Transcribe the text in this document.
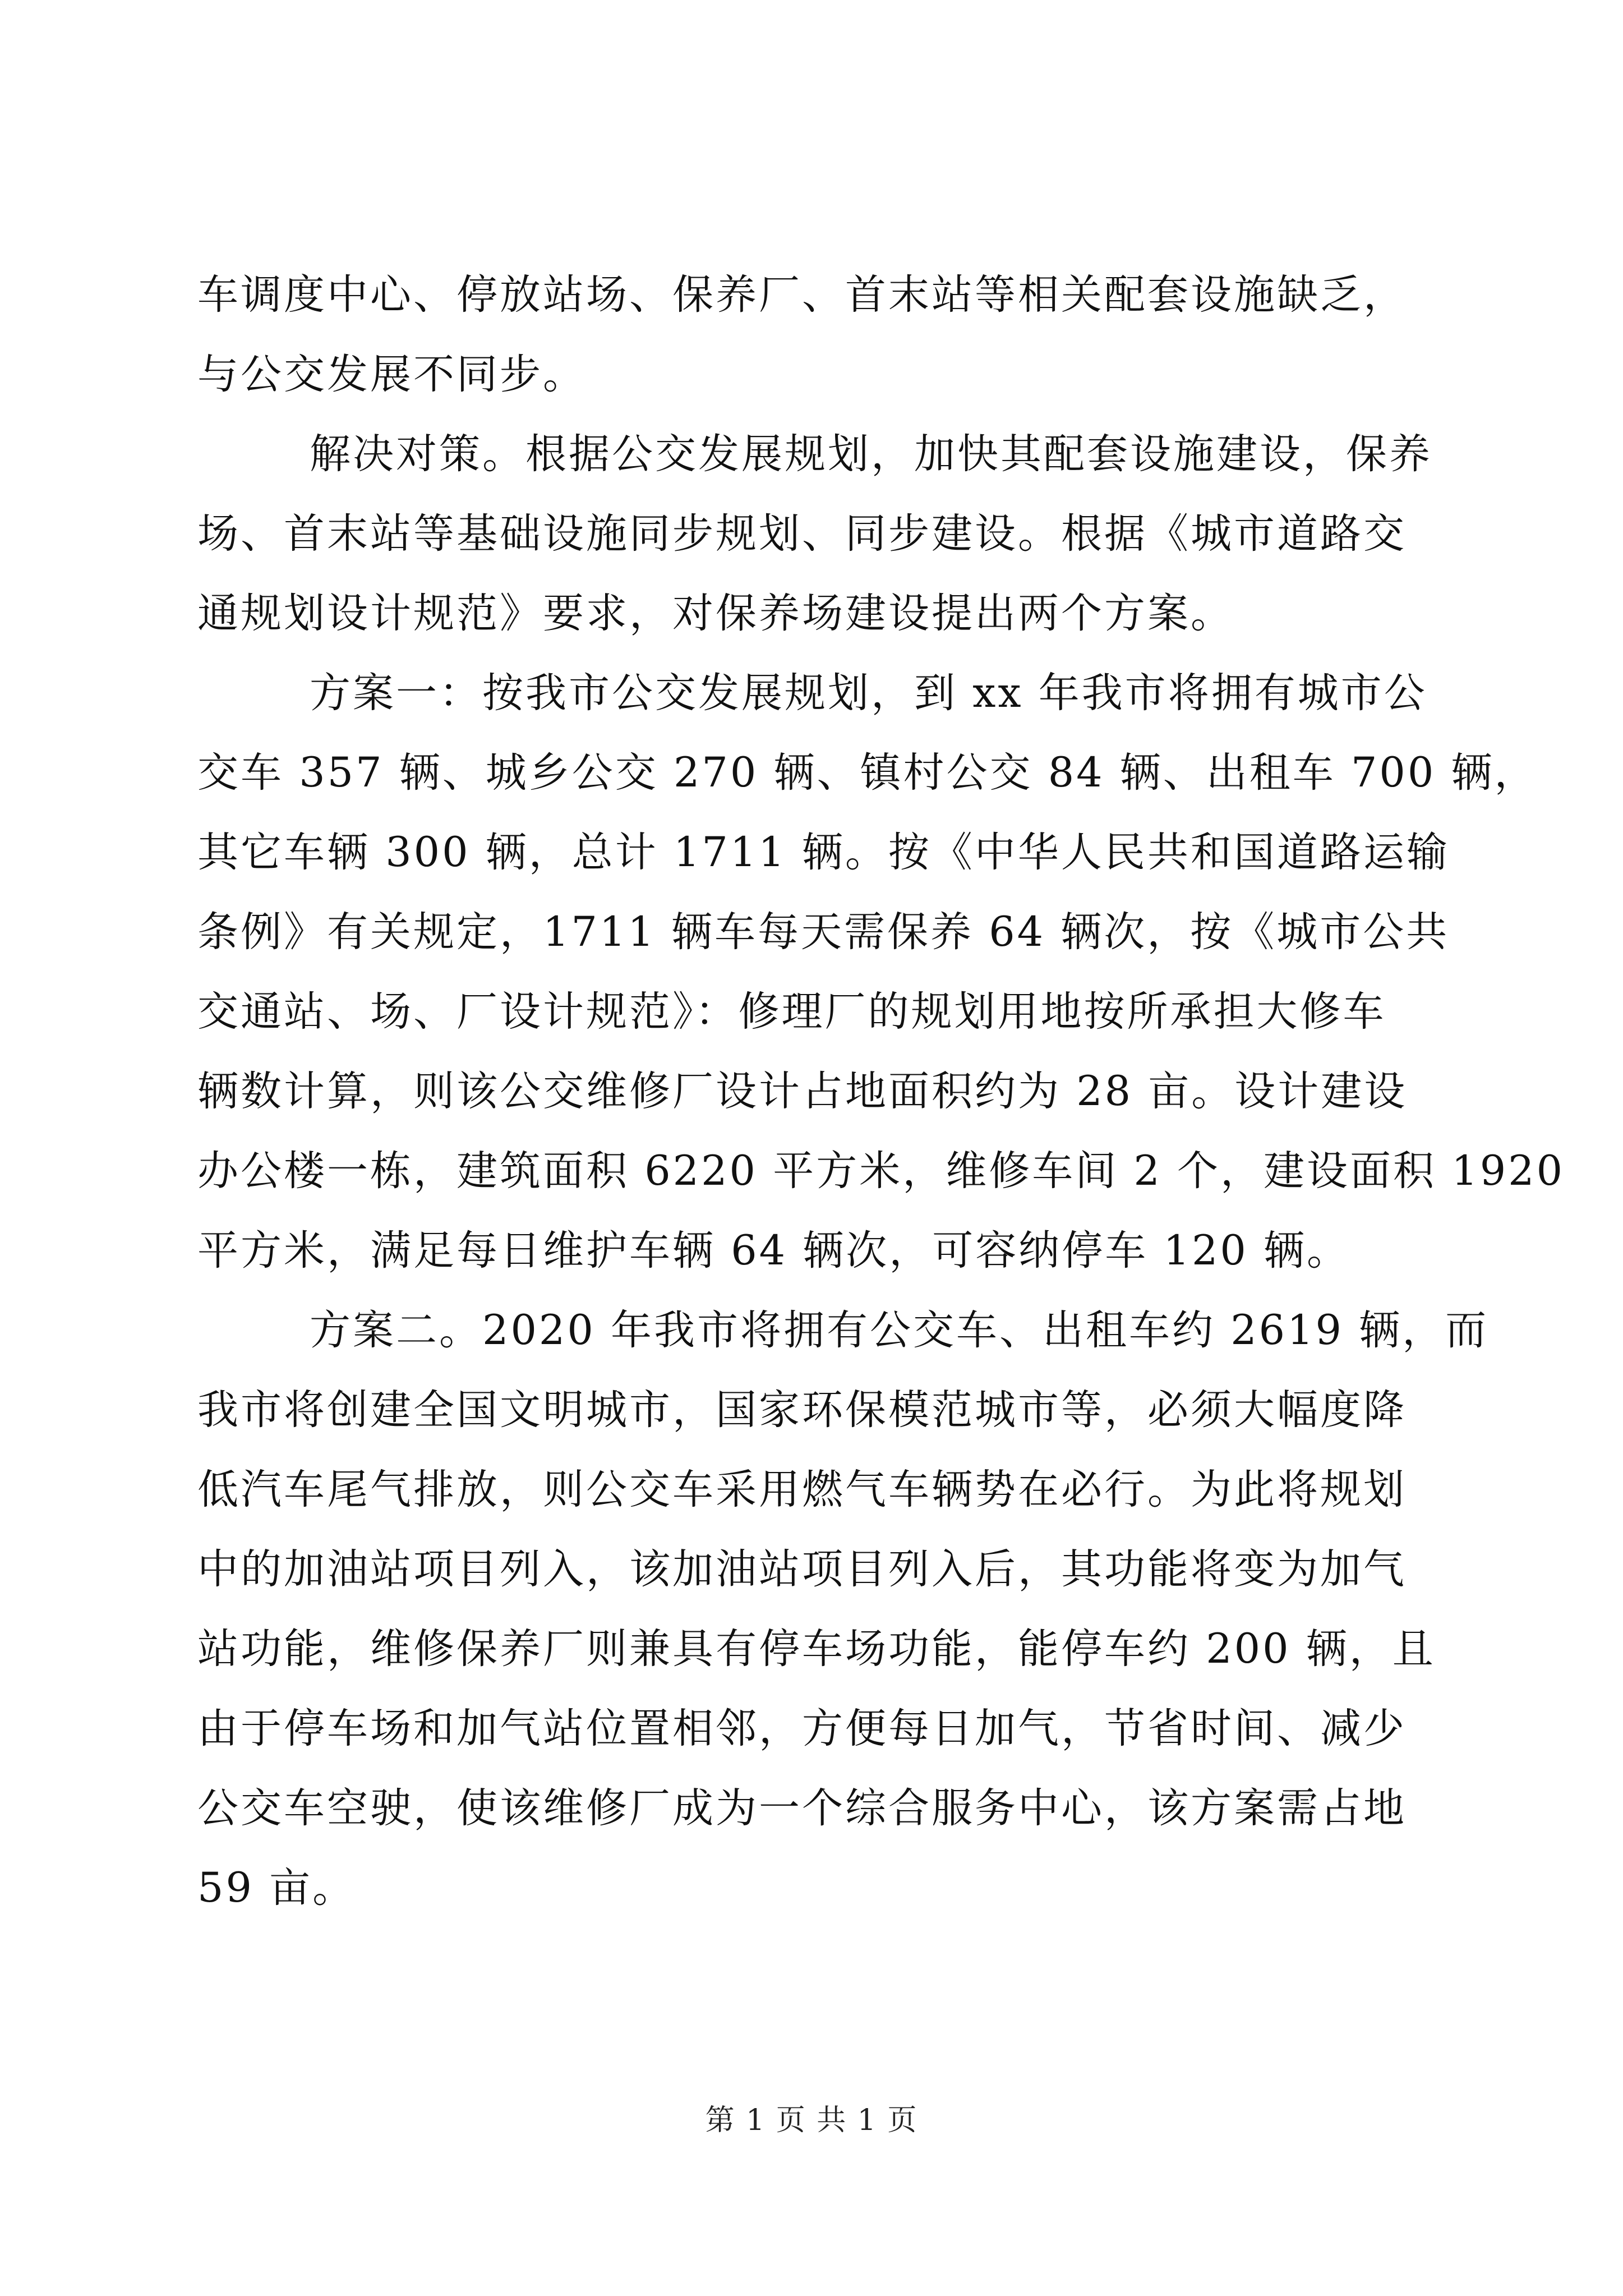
车调度中心、停放站场、保养厂、首末站等相关配套设施缺乏，
与公交发展不同步。

解决对策。根据公交发展规划，加快其配套设施建设，保养
场、首末站等基础设施同步规划、同步建设。根据《城市道路交
通规划设计规范》要求，对保养场建设提出两个方案。

方案一：按我市公交发展规划，到 xx 年我市将拥有城市公
交车 357 辆、城乡公交 270 辆、镇村公交 84 辆、出租车 700 辆，
其它车辆 300 辆，总计 1711 辆。按《中华人民共和国道路运输
条例》有关规定，1711 辆车每天需保养 64 辆次，按《城市公共
交通站、场、厂设计规范》：修理厂的规划用地按所承担大修车
辆数计算，则该公交维修厂设计占地面积约为 28 亩。设计建设
办公楼一栋，建筑面积 6220 平方米，维修车间 2 个，建设面积 1920
平方米，满足每日维护车辆 64 辆次，可容纳停车 120 辆。

方案二。2020 年我市将拥有公交车、出租车约 2619 辆，而
我市将创建全国文明城市，国家环保模范城市等，必须大幅度降
低汽车尾气排放，则公交车采用燃气车辆势在必行。为此将规划
中的加油站项目列入，该加油站项目列入后，其功能将变为加气
站功能，维修保养厂则兼具有停车场功能，能停车约 200 辆，且
由于停车场和加气站位置相邻，方便每日加气，节省时间、减少
公交车空驶，使该维修厂成为一个综合服务中心，该方案需占地
59 亩。

第 1 页 共 1 页
